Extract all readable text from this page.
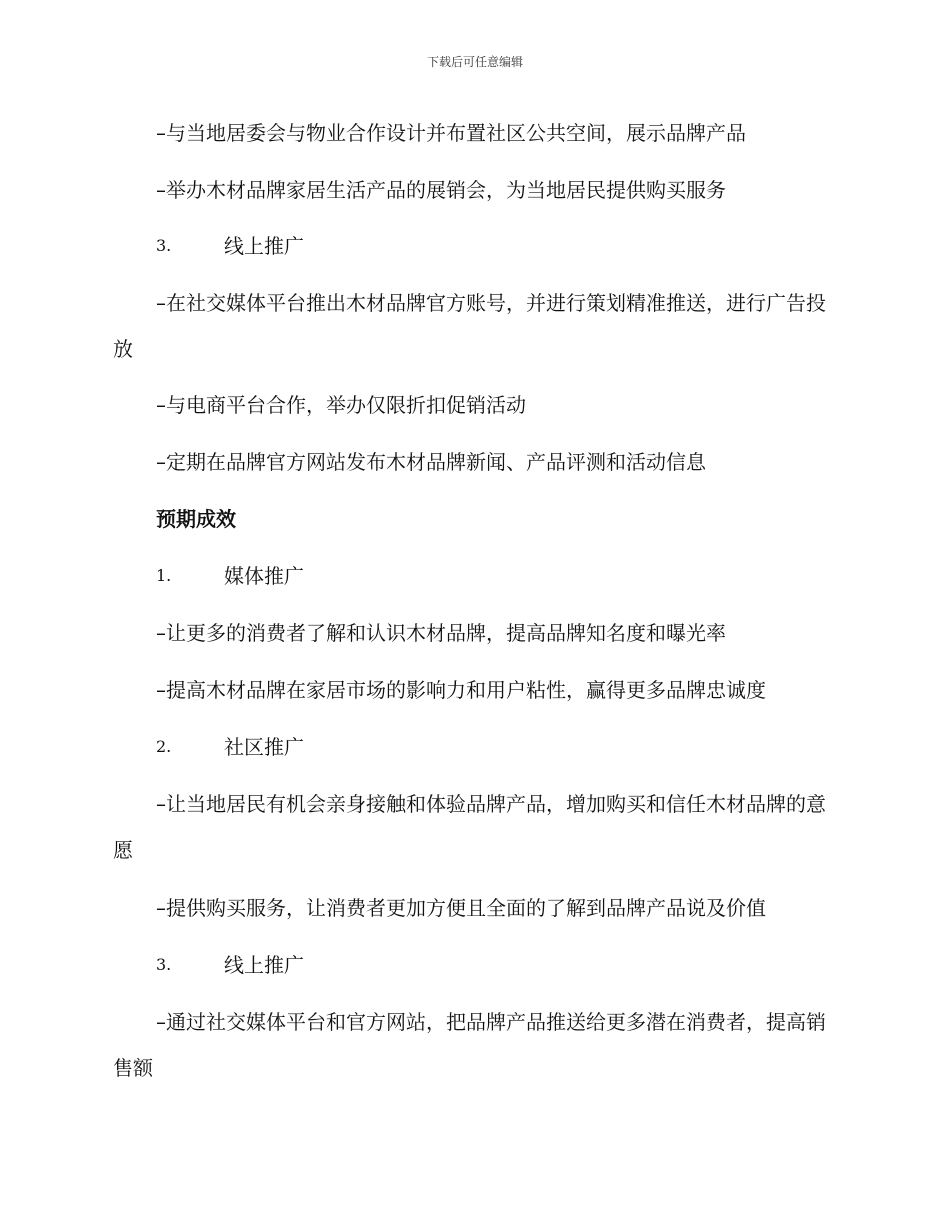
下载后可任意编辑
–与当地居委会与物业合作设计并布置社区公共空间，展示品牌产品
–举办木材品牌家居生活产品的展销会，为当地居民提供购买服务
3.	线上推广
–在社交媒体平台推出木材品牌官方账号，并进行策划精准推送，进行广告投放
–与电商平台合作，举办仅限折扣促销活动
–定期在品牌官方网站发布木材品牌新闻、产品评测和活动信息
预期成效
1.	媒体推广
–让更多的消费者了解和认识木材品牌，提高品牌知名度和曝光率
–提高木材品牌在家居市场的影响力和用户粘性，赢得更多品牌忠诚度
2.	社区推广
–让当地居民有机会亲身接触和体验品牌产品，增加购买和信任木材品牌的意愿
–提供购买服务，让消费者更加方便且全面的了解到品牌产品说及价值
3.	线上推广
–通过社交媒体平台和官方网站，把品牌产品推送给更多潜在消费者，提高销售额
